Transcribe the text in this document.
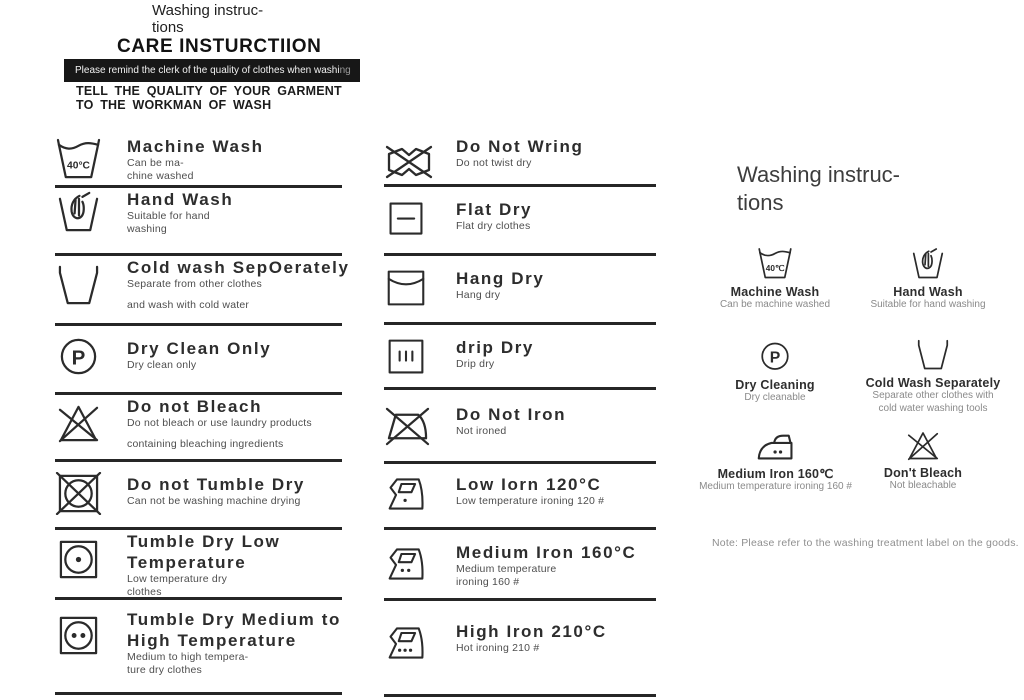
Washing instruc-
tions
CARE INSTURCTIION
Please remind the clerk of the quality of clothes when washing
TELL THE QUALITY OF YOUR GARMENT
TO THE WORKMAN OF WASH
40°C
Machine Wash
Can be ma-
chine washed
Hand Wash
Suitable for hand
washing
Cold wash SepOerately
Separate from other clothes
and wash with cold water
P Dry Clean Only
Dry clean only
Do not Bleach
Do not bleach or use laundry products
containing bleaching ingredients
Do not Tumble Dry
Can not be washing machine drying
Tumble Dry Low Temperature
Low temperature dry
clothes
Tumble Dry Medium to High Temperature
Medium to high tempera-
ture dry clothes
Do Not Wring
Do not twist dry
Flat Dry
Flat dry clothes
Hang Dry
Hang dry
drip Dry
Drip dry
Do Not Iron
Not ironed
Low Iorn 120°C
Low temperature ironing 120 #
Medium Iron 160°C
Medium temperature
ironing 160 #
High Iron 210°C
Hot ironing 210 #
Washing instruc-
tions
40℃
Machine Wash
Can be machine washed
Hand Wash
Suitable for hand washing
P
Dry Cleaning
Dry cleanable
Cold Wash Separately
Separate other clothes with
cold water washing tools
Medium Iron 160℃
Medium temperature ironing 160 #
Don't Bleach
Not bleachable
Note: Please refer to the washing treatment label on the goods.
